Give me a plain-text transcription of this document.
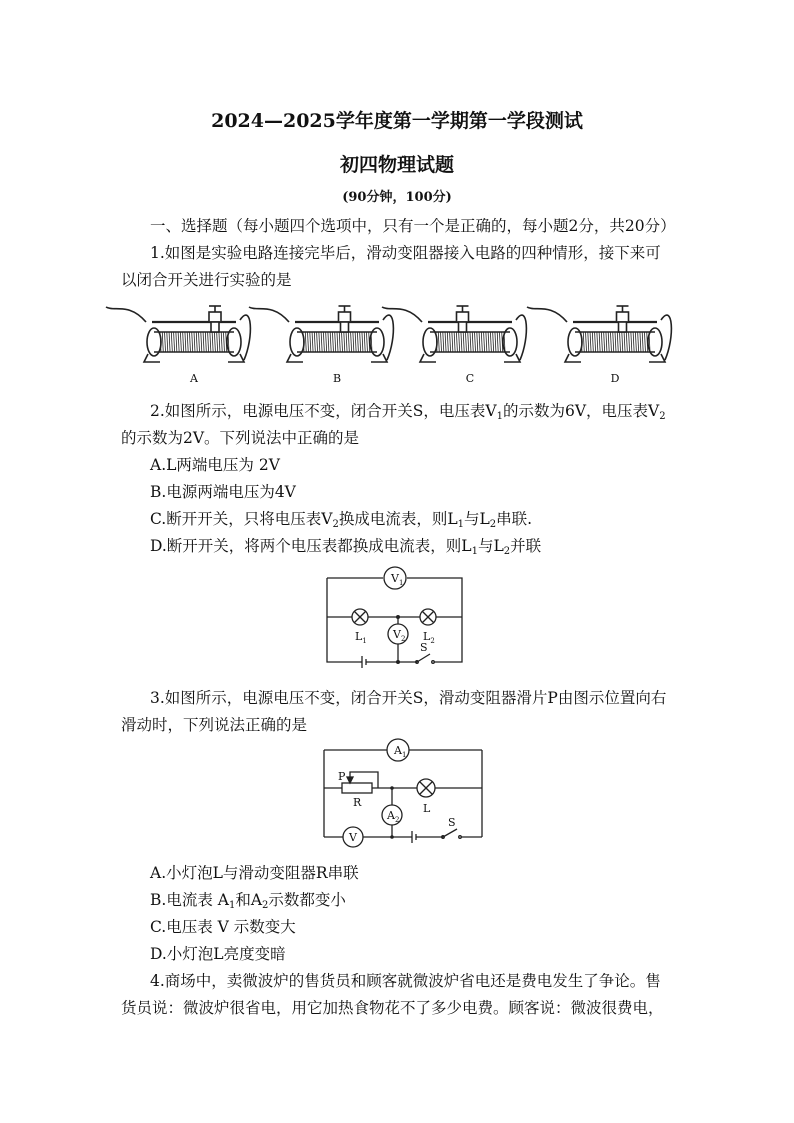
2024—2025学年度第一学期第一学段测试
初四物理试题
(90分钟，100分)
一、选择题（每小题四个选项中，只有一个是正确的，每小题2分，共20分）
1.如图是实验电路连接完毕后，滑动变阻器接入电路的四种情形，接下来可
以闭合开关进行实验的是
A	B	C	D
2.如图所示，电源电压不变，闭合开关S，电压表$V_1$的示数为6V，电压表$V_2$
的示数为2V。下列说法中正确的是
A.L两端电压为 2V
B.电源两端电压为4V
C.断开开关，只将电压表$V_2$换成电流表，则$L_1$与$L_2$串联.
D.断开开关，将两个电压表都换成电流表，则$L_1$与$L_2$并联
$V_1$
$V_2$
$L_1$	$L_2$
S
3.如图所示，电源电压不变，闭合开关S，滑动变阻器滑片P由图示位置向右
滑动时，下列说法正确的是
$A_1$
$A_2$
P
R	L
V
S
A.小灯泡L与滑动变阻器R串联
B.电流表 $A_1$和$A_2$示数都变小
C.电压表 V 示数变大
D.小灯泡L亮度变暗
4.商场中，卖微波炉的售货员和顾客就微波炉省电还是费电发生了争论。售
货员说：微波炉很省电，用它加热食物花不了多少电费。顾客说：微波很费电，
